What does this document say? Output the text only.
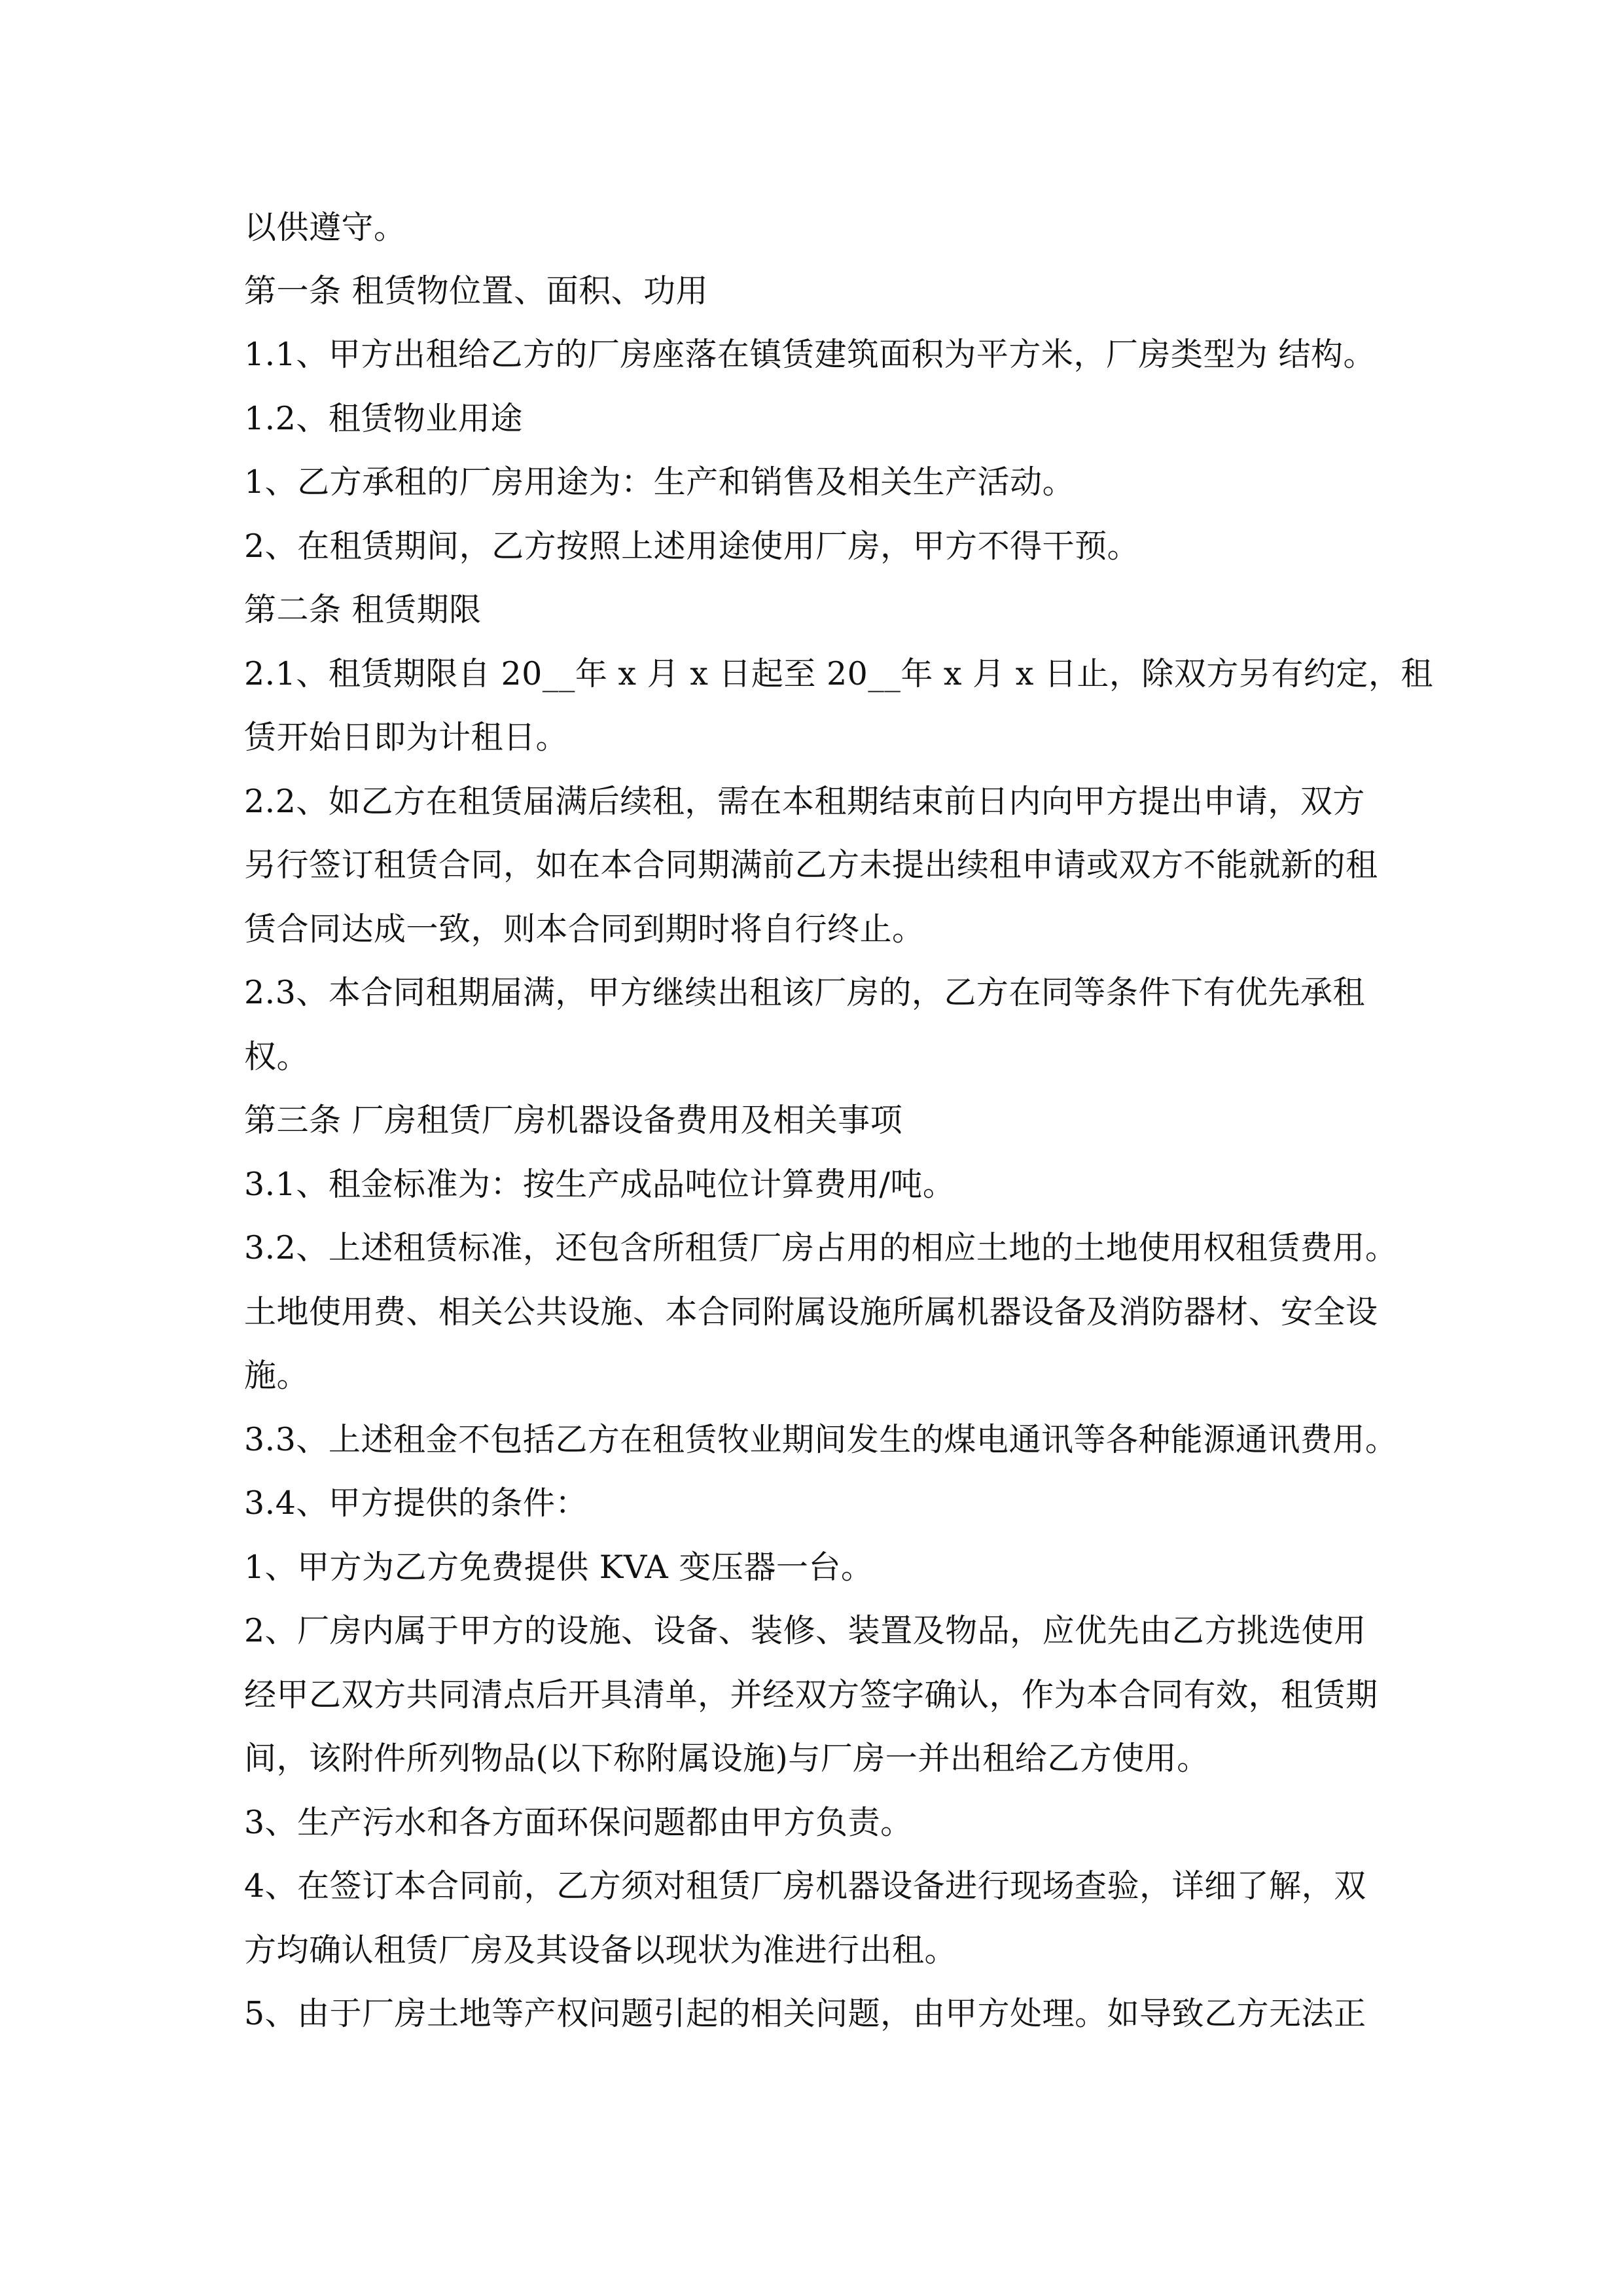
以供遵守。
第一条 租赁物位置、面积、功用
1.1、甲方出租给乙方的厂房座落在镇赁建筑面积为平方米，厂房类型为 结构。
1.2、租赁物业用途
1、乙方承租的厂房用途为：生产和销售及相关生产活动。
2、在租赁期间，乙方按照上述用途使用厂房，甲方不得干预。
第二条 租赁期限
2.1、租赁期限自 20__年 x 月 x 日起至 20__年 x 月 x 日止，除双方另有约定，租
赁开始日即为计租日。
2.2、如乙方在租赁届满后续租，需在本租期结束前日内向甲方提出申请，双方
另行签订租赁合同，如在本合同期满前乙方未提出续租申请或双方不能就新的租
赁合同达成一致，则本合同到期时将自行终止。
2.3、本合同租期届满，甲方继续出租该厂房的，乙方在同等条件下有优先承租
权。
第三条 厂房租赁厂房机器设备费用及相关事项
3.1、租金标准为：按生产成品吨位计算费用/吨。
3.2、上述租赁标准，还包含所租赁厂房占用的相应土地的土地使用权租赁费用。
土地使用费、相关公共设施、本合同附属设施所属机器设备及消防器材、安全设
施。
3.3、上述租金不包括乙方在租赁牧业期间发生的煤电通讯等各种能源通讯费用。
3.4、甲方提供的条件：
1、甲方为乙方免费提供 KVA 变压器一台。
2、厂房内属于甲方的设施、设备、装修、装置及物品，应优先由乙方挑选使用
经甲乙双方共同清点后开具清单，并经双方签字确认，作为本合同有效，租赁期
间，该附件所列物品(以下称附属设施)与厂房一并出租给乙方使用。
3、生产污水和各方面环保问题都由甲方负责。
4、在签订本合同前，乙方须对租赁厂房机器设备进行现场查验，详细了解，双
方均确认租赁厂房及其设备以现状为准进行出租。
5、由于厂房土地等产权问题引起的相关问题，由甲方处理。如导致乙方无法正
